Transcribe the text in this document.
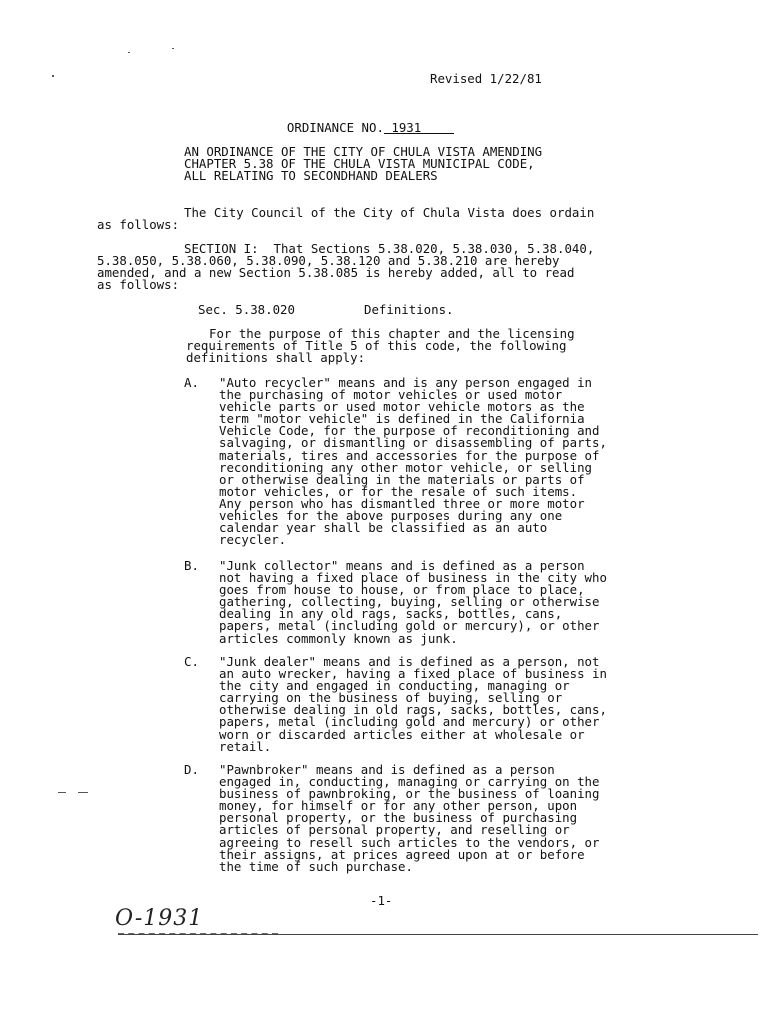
Revised 1/22/81

ORDINANCE NO. 1931

AN ORDINANCE OF THE CITY OF CHULA VISTA AMENDING
CHAPTER 5.38 OF THE CHULA VISTA MUNICIPAL CODE,
ALL RELATING TO SECONDHAND DEALERS
The City Council of the City of Chula Vista does ordain
as follows:
SECTION I:  That Sections 5.38.020, 5.38.030, 5.38.040,
5.38.050, 5.38.060, 5.38.090, 5.38.120 and 5.38.210 are hereby
amended, and a new Section 5.38.085 is hereby added, all to read
as follows:
Sec. 5.38.020	Definitions.
For the purpose of this chapter and the licensing
requirements of Title 5 of this code, the following
definitions shall apply:
A. "Auto recycler" means and is any person engaged in
the purchasing of motor vehicles or used motor
vehicle parts or used motor vehicle motors as the
term "motor vehicle" is defined in the California
Vehicle Code, for the purpose of reconditioning and
salvaging, or dismantling or disassembling of parts,
materials, tires and accessories for the purpose of
reconditioning any other motor vehicle, or selling
or otherwise dealing in the materials or parts of
motor vehicles, or for the resale of such items.
Any person who has dismantled three or more motor
vehicles for the above purposes during any one
calendar year shall be classified as an auto
recycler.
B. "Junk collector" means and is defined as a person
not having a fixed place of business in the city who
goes from house to house, or from place to place,
gathering, collecting, buying, selling or otherwise
dealing in any old rags, sacks, bottles, cans,
papers, metal (including gold or mercury), or other
articles commonly known as junk.
C. "Junk dealer" means and is defined as a person, not
an auto wrecker, having a fixed place of business in
the city and engaged in conducting, managing or
carrying on the business of buying, selling or
otherwise dealing in old rags, sacks, bottles, cans,
papers, metal (including gold and mercury) or other
worn or discarded articles either at wholesale or
retail.
D. "Pawnbroker" means and is defined as a person
engaged in, conducting, managing or carrying on the
business of pawnbroking, or the business of loaning
money, for himself or for any other person, upon
personal property, or the business of purchasing
articles of personal property, and reselling or
agreeing to resell such articles to the vendors, or
their assigns, at prices agreed upon at or before
the time of such purchase.
-1-
O-1931
